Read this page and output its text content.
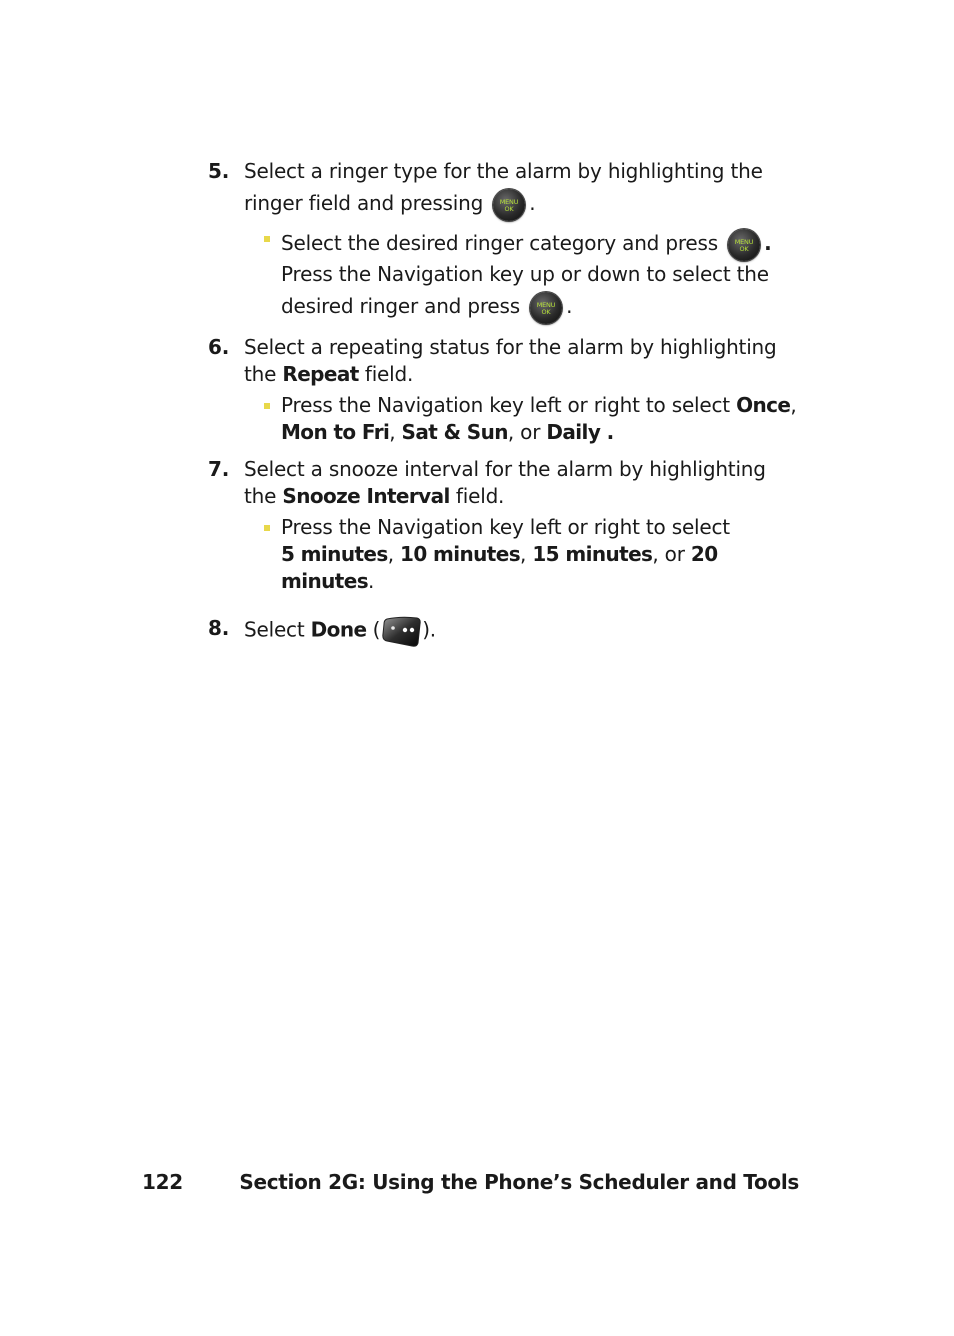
5. Select a ringer type for the alarm by highlighting the
ringer field and pressing	MENU
OK .
Select the desired ringer category and press	MENU
OK .
Press the Navigation key up or down to select the
desired ringer and press	MENU
OK .
6. Select a repeating status for the alarm by highlighting
the Repeat field.
Press the Navigation key left or right to select Once,
Mon to Fri, Sat & Sun, or Daily .
7. Select a snooze interval for the alarm by highlighting
the Snooze Interval field.
Press the Navigation key left or right to select
5 minutes, 10 minutes, 15 minutes, or 20 minutes.
8. Select Done ( ).
122	Section 2G: Using the Phone’s Scheduler and Tools
